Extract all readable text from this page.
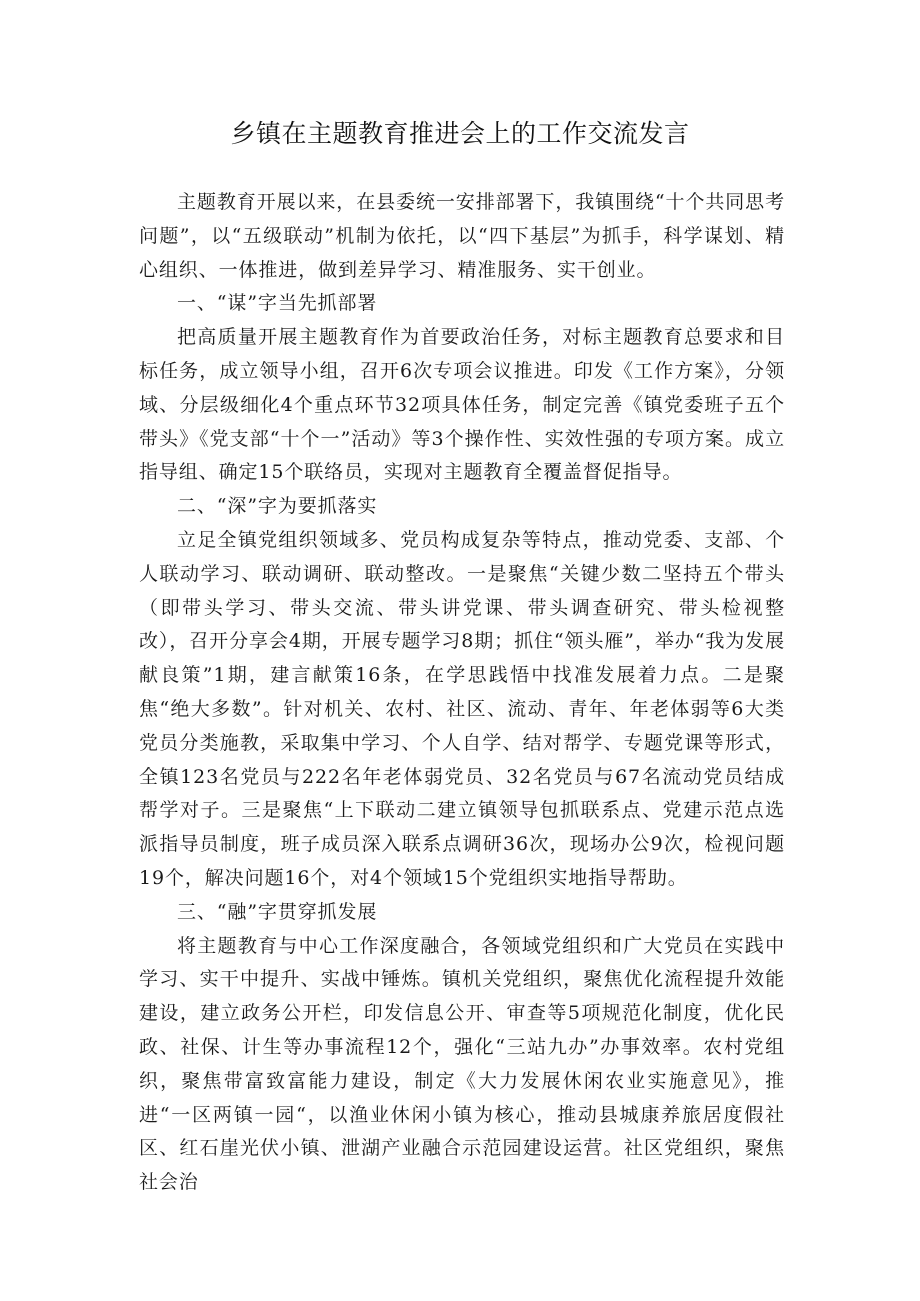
乡镇在主题教育推进会上的工作交流发言

主题教育开展以来，在县委统一安排部署下，我镇围绕“十个共同思考问题”，以“五级联动”机制为依托，以“四下基层”为抓手，科学谋划、精心组织、一体推进，做到差异学习、精准服务、实干创业。

一、“谋”字当先抓部署

把高质量开展主题教育作为首要政治任务，对标主题教育总要求和目标任务，成立领导小组，召开6次专项会议推进。印发《工作方案》，分领域、分层级细化4个重点环节32项具体任务，制定完善《镇党委班子五个带头》《党支部“十个一”活动》等3个操作性、实效性强的专项方案。成立指导组、确定15个联络员，实现对主题教育全覆盖督促指导。

二、“深”字为要抓落实

立足全镇党组织领域多、党员构成复杂等特点，推动党委、支部、个人联动学习、联动调研、联动整改。一是聚焦“关键少数二坚持五个带头（即带头学习、带头交流、带头讲党课、带头调查研究、带头检视整改），召开分享会4期，开展专题学习8期；抓住“领头雁”，举办“我为发展献良策”1期，建言献策16条，在学思践悟中找准发展着力点。二是聚焦“绝大多数”。针对机关、农村、社区、流动、青年、年老体弱等6大类党员分类施教，采取集中学习、个人自学、结对帮学、专题党课等形式，全镇123名党员与222名年老体弱党员、32名党员与67名流动党员结成帮学对子。三是聚焦“上下联动二建立镇领导包抓联系点、党建示范点选派指导员制度，班子成员深入联系点调研36次，现场办公9次，检视问题19个，解决问题16个，对4个领域15个党组织实地指导帮助。

三、“融”字贯穿抓发展

将主题教育与中心工作深度融合，各领域党组织和广大党员在实践中学习、实干中提升、实战中锤炼。镇机关党组织，聚焦优化流程提升效能建设，建立政务公开栏，印发信息公开、审查等5项规范化制度，优化民政、社保、计生等办事流程12个，强化“三站九办”办事效率。农村党组织，聚焦带富致富能力建设，制定《大力发展休闲农业实施意见》，推进“一区两镇一园“，以渔业休闲小镇为核心，推动县城康养旅居度假社区、红石崖光伏小镇、泄湖产业融合示范园建设运营。社区党组织，聚焦社会治
